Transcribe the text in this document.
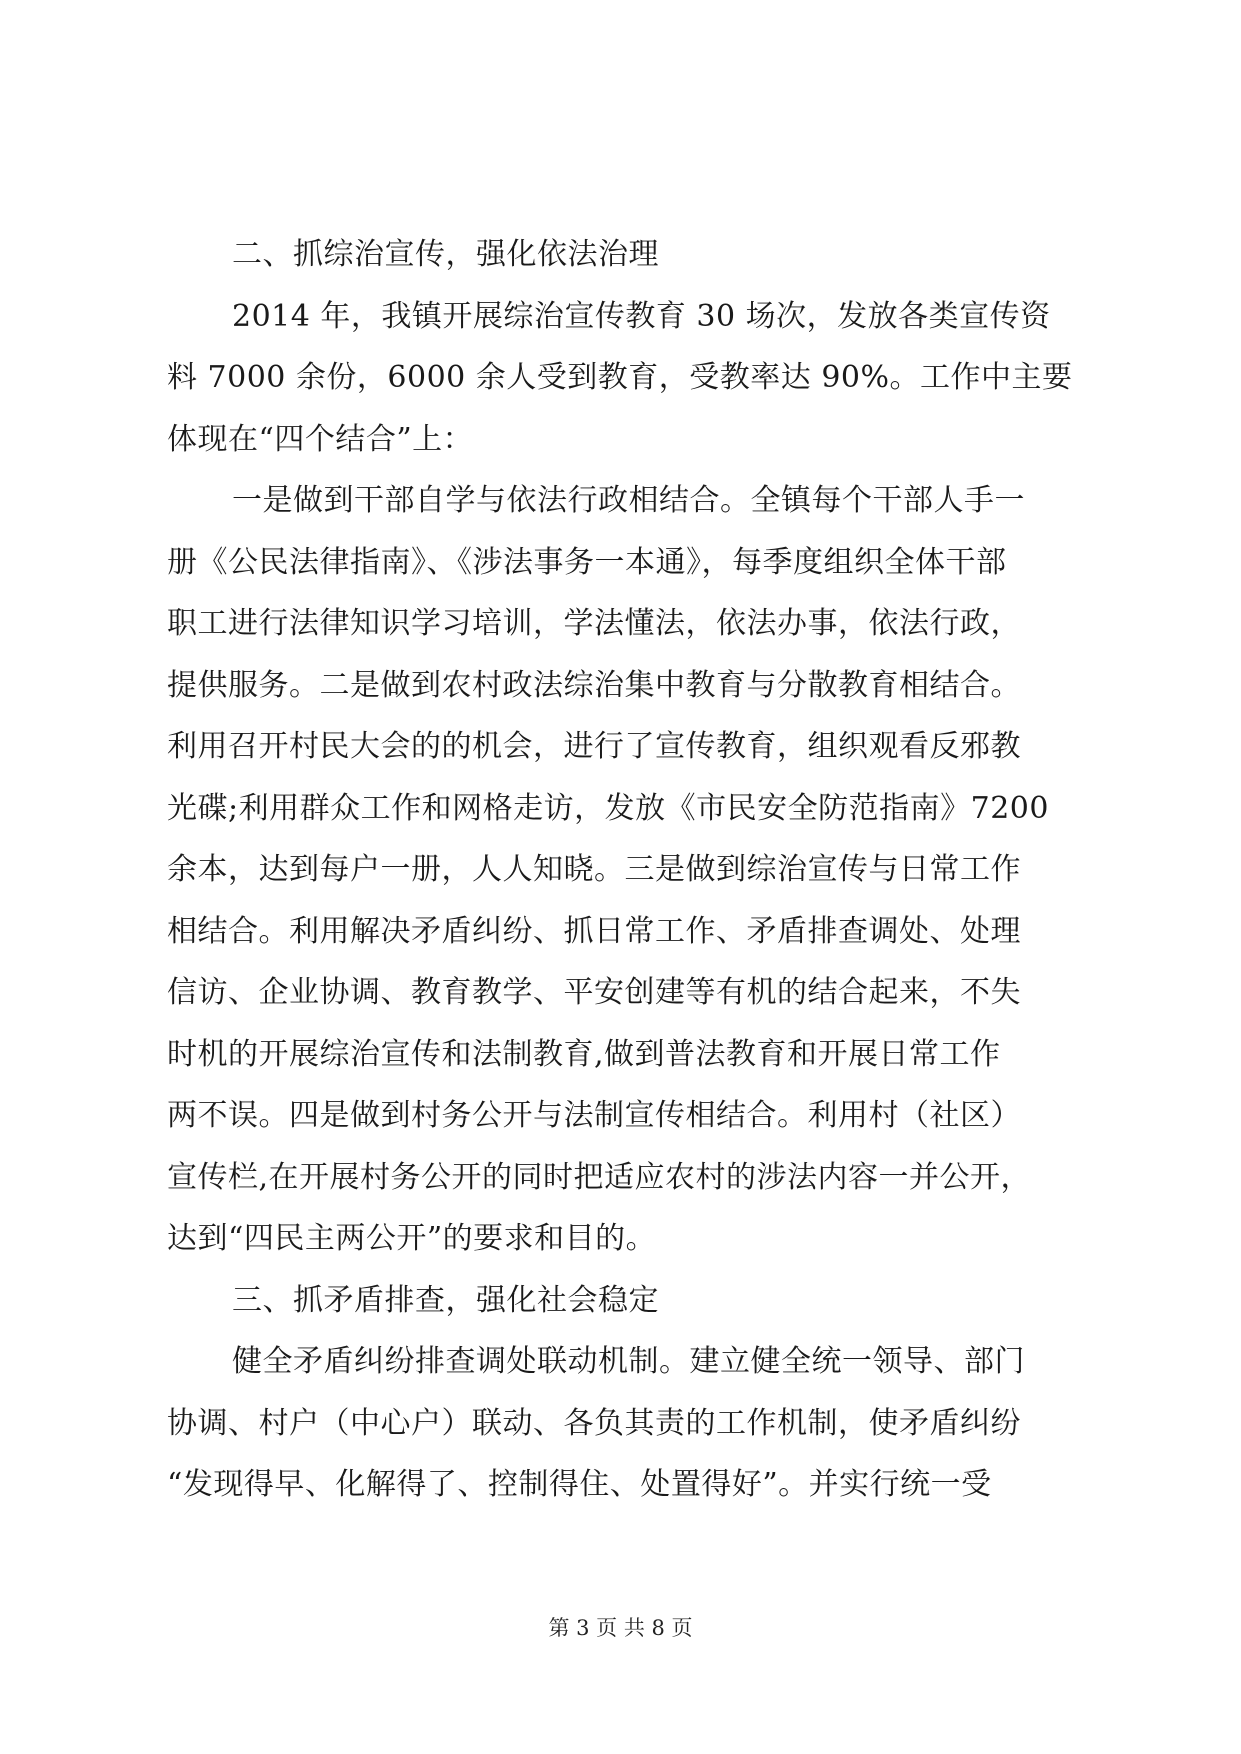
二、抓综治宣传，强化依法治理
2014 年，我镇开展综治宣传教育 30 场次，发放各类宣传资
料 7000 余份，6000 余人受到教育，受教率达 90%。工作中主要
体现在“四个结合”上：
一是做到干部自学与依法行政相结合。全镇每个干部人手一
册《公民法律指南》、《涉法事务一本通》，每季度组织全体干部
职工进行法律知识学习培训，学法懂法，依法办事，依法行政，
提供服务。二是做到农村政法综治集中教育与分散教育相结合。
利用召开村民大会的的机会，进行了宣传教育，组织观看反邪教
光碟;利用群众工作和网格走访，发放《市民安全防范指南》7200
余本，达到每户一册，人人知晓。三是做到综治宣传与日常工作
相结合。利用解决矛盾纠纷、抓日常工作、矛盾排查调处、处理
信访、企业协调、教育教学、平安创建等有机的结合起来，不失
时机的开展综治宣传和法制教育,做到普法教育和开展日常工作
两不误。四是做到村务公开与法制宣传相结合。利用村（社区）
宣传栏,在开展村务公开的同时把适应农村的涉法内容一并公开，
达到“四民主两公开”的要求和目的。
三、抓矛盾排查，强化社会稳定
健全矛盾纠纷排查调处联动机制。建立健全统一领导、部门
协调、村户（中心户）联动、各负其责的工作机制，使矛盾纠纷
“发现得早、化解得了、控制得住、处置得好”。并实行统一受
第 3 页 共 8 页
